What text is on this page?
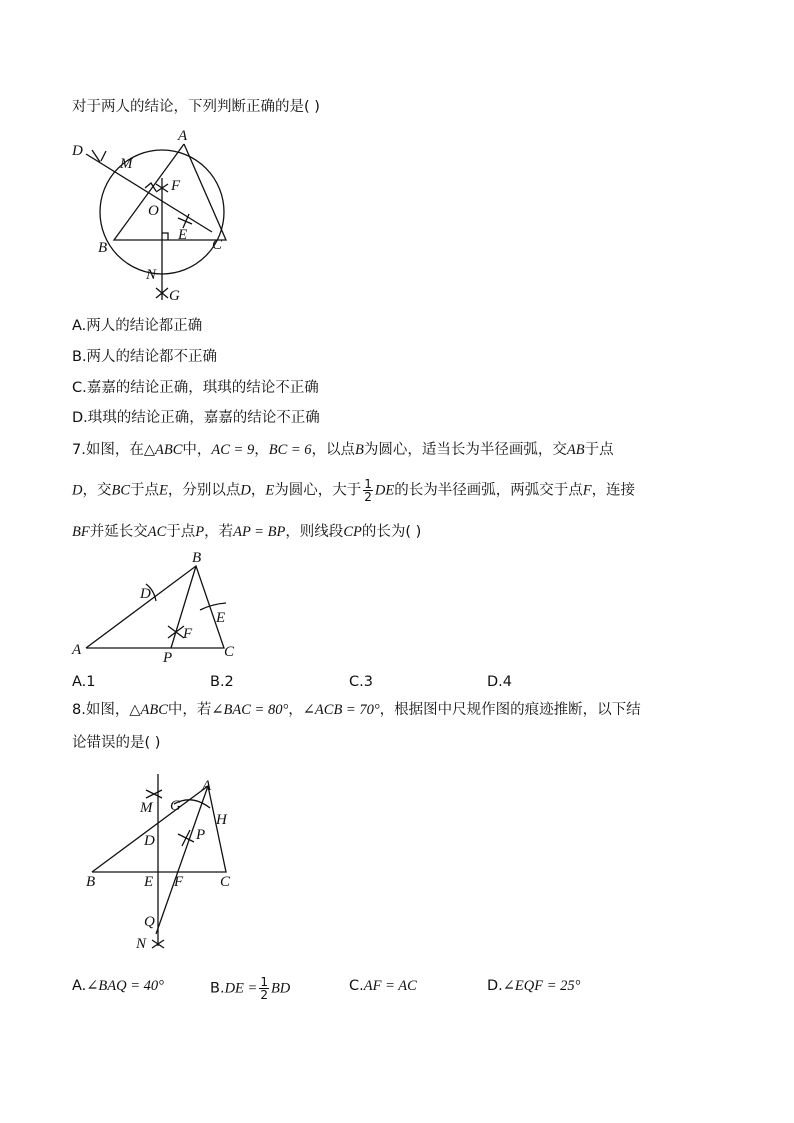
对于两人的结论，下列判断正确的是( )
D
M
A
F
O
E
B	C
N
G
A.两人的结论都正确
B.两人的结论都不正确
C.嘉嘉的结论正确，琪琪的结论不正确
D.琪琪的结论正确，嘉嘉的结论不正确
7.如图，在△ABC中，AC = 9，BC = 6，以点B为圆心，适当长为半径画弧，交AB于点
D，交BC于点E，分别以点D，E为圆心，大于 $\frac{1}{2}$ DE的长为半径画弧，两弧交于点F，连接
BF并延长交AC于点P，若AP = BP，则线段CP的长为( )
B
D
E
F
A	P	C
A.1	B.2	C.3	D.4
8.如图，△ABC中，若∠BAC = 80°，∠ACB = 70°，根据图中尺规作图的痕迹推断，以下结
论错误的是( )
A
M G
H
P
D
B	E F C
Q
N
A.∠BAQ = 40°	$B.DE = \frac{1}{2}$ BD	C.AF = AC	D.∠EQF = 25°
